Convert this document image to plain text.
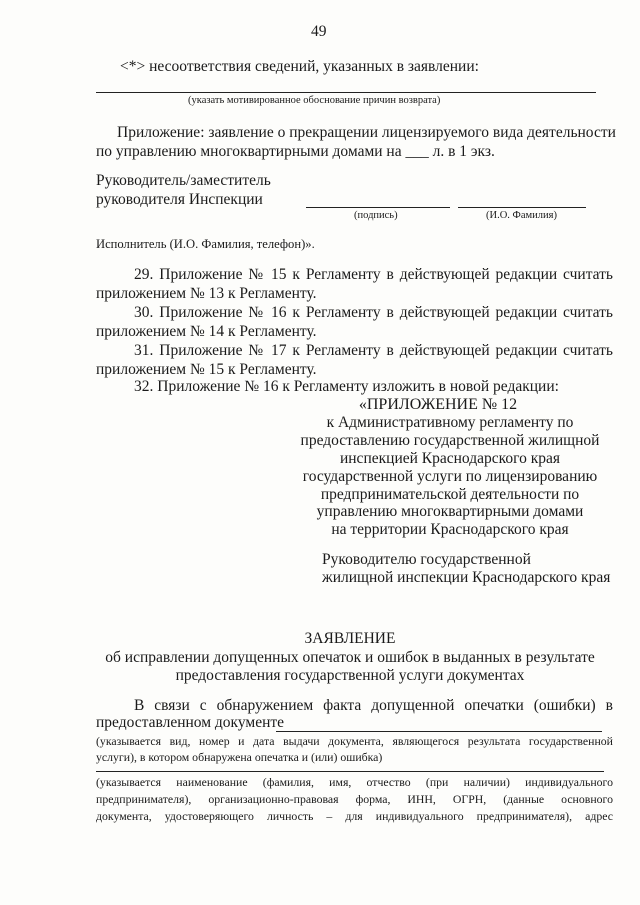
49
<*> несоответствия сведений, указанных в заявлении:
(указать мотивированное обоснование причин возврата)
Приложение: заявление о прекращении лицензируемого вида деятельности
по управлению многоквартирными домами на ___ л. в 1 экз.
Руководитель/заместитель
руководителя Инспекции
(подпись)	(И.О. Фамилия)
Исполнитель (И.О. Фамилия, телефон)».
29. Приложение № 15 к Регламенту в действующей редакции считать
приложением № 13 к Регламенту.
30. Приложение № 16 к Регламенту в действующей редакции считать
приложением № 14 к Регламенту.
31. Приложение № 17 к Регламенту в действующей редакции считать
приложением № 15 к Регламенту.
32. Приложение № 16 к Регламенту изложить в новой редакции:
«ПРИЛОЖЕНИЕ № 12
к Административному регламенту по
предоставлению государственной жилищной
инспекцией Краснодарского края
государственной услуги по лицензированию
предпринимательской деятельности по
управлению многоквартирными домами
на территории Краснодарского края
Руководителю государственной
жилищной инспекции Краснодарского края
ЗАЯВЛЕНИЕ
об исправлении допущенных опечаток и ошибок в выданных в результате
предоставления государственной услуги документах
В связи с обнаружением факта допущенной опечатки (ошибки) в
предоставленном документе
(указывается вид, номер и дата выдачи документа, являющегося результата государственной
услуги), в котором обнаружена опечатка и (или) ошибка)
(указывается наименование (фамилия, имя, отчество (при наличии) индивидуального
предпринимателя), организационно-правовая форма, ИНН, ОГРН, (данные основного
документа, удостоверяющего личность – для индивидуального предпринимателя), адрес
